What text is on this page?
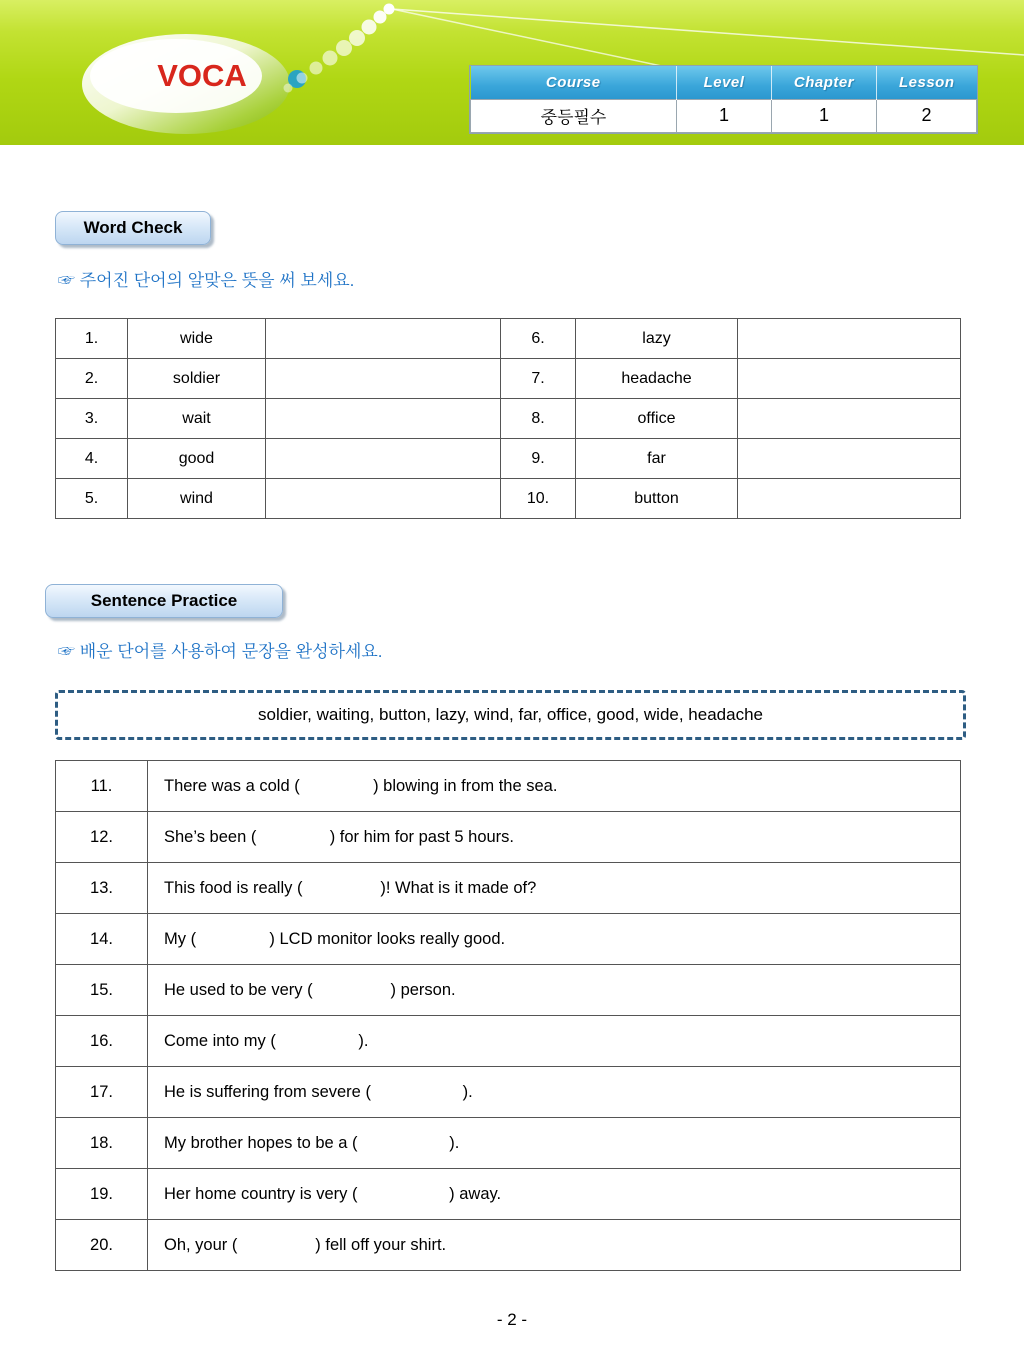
VOCA	Course	Level	Chapter	Lesson
중등필수	1	1	2
Word Check
☞ 주어진 단어의 알맞은 뜻을 써 보세요.
1.	wide		6.	lazy	
2.	soldier		7.	headache	
3.	wait		8.	office	
4.	good		9.	far	
5.	wind		10.	button	
Sentence Practice
☞ 배운 단어를 사용하여 문장을 완성하세요.
soldier, waiting, button, lazy, wind, far, office, good, wide, headache
11.	There was a cold (                ) blowing in from the sea.
12.	She’s been (                ) for him for past 5 hours.
13.	This food is really (                 )! What is it made of?
14.	My (                ) LCD monitor looks really good.
15.	He used to be very (                 ) person.
16.	Come into my (                  ).
17.	He is suffering from severe (                    ).
18.	My brother hopes to be a (                    ).
19.	Her home country is very (                    ) away.
20.	Oh, your (                 ) fell off your shirt.
- 2 -
